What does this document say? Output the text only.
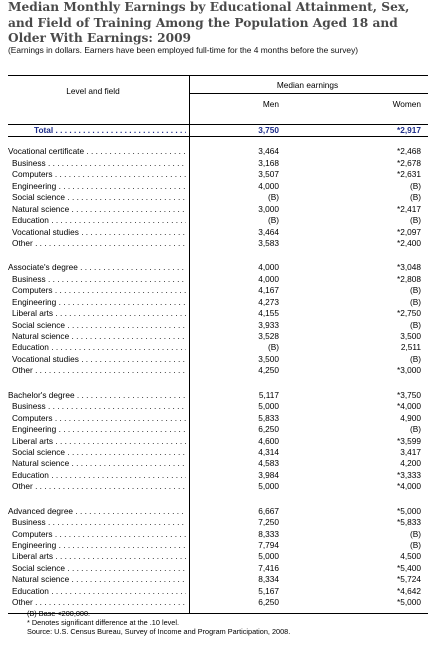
Median Monthly Earnings by Educational Attainment, Sex, and Field of Training Among the Population Aged 18 and Older With Earnings: 2009
(Earnings in dollars. Earners have been employed full-time for the 4 months before the survey)
Level and field
Median earnings
Men	Women
Total . . .	3,750	*2,917
Vocational certificate . . .	3,464	*2,468
Business . . .	3,168	*2,678
Computers . . .	3,507	*2,631
Engineering . . .	4,000	(B)
Social science . . .	(B)	(B)
Natural science . . .	3,000	*2,417
Education . . .	(B)	(B)
Vocational studies . . .	3,464	*2,097
Other . . .	3,583	*2,400
Associate's degree . . .	4,000	*3,048
Business . . .	4,000	*2,808
Computers . . .	4,167	(B)
Engineering . . .	4,273	(B)
Liberal arts . . .	4,155	*2,750
Social science . . .	3,933	(B)
Natural science . . .	3,528	3,500
Education . . .	(B)	2,511
Vocational studies . . .	3,500	(B)
Other . . .	4,250	*3,000
Bachelor's degree . . .	5,117	*3,750
Business . . .	5,000	*4,000
Computers . . .	5,833	4,900
Engineering . . .	6,250	(B)
Liberal arts . . .	4,600	*3,599
Social science . . .	4,314	3,417
Natural science . . .	4,583	4,200
Education . . .	3,984	*3,333
Other . . .	5,000	*4,000
Advanced degree . . .	6,667	*5,000
Business . . .	7,250	*5,833
Computers . . .	8,333	(B)
Engineering . . .	7,794	(B)
Liberal arts . . .	5,000	4,500
Social science . . .	7,416	*5,400
Natural science . . .	8,334	*5,724
Education . . .	5,167	*4,642
Other . . .	6,250	*5,000
(B) Base <200,000.
* Denotes significant difference at the .10 level.
Source: U.S. Census Bureau, Survey of Income and Program Participation, 2008.
